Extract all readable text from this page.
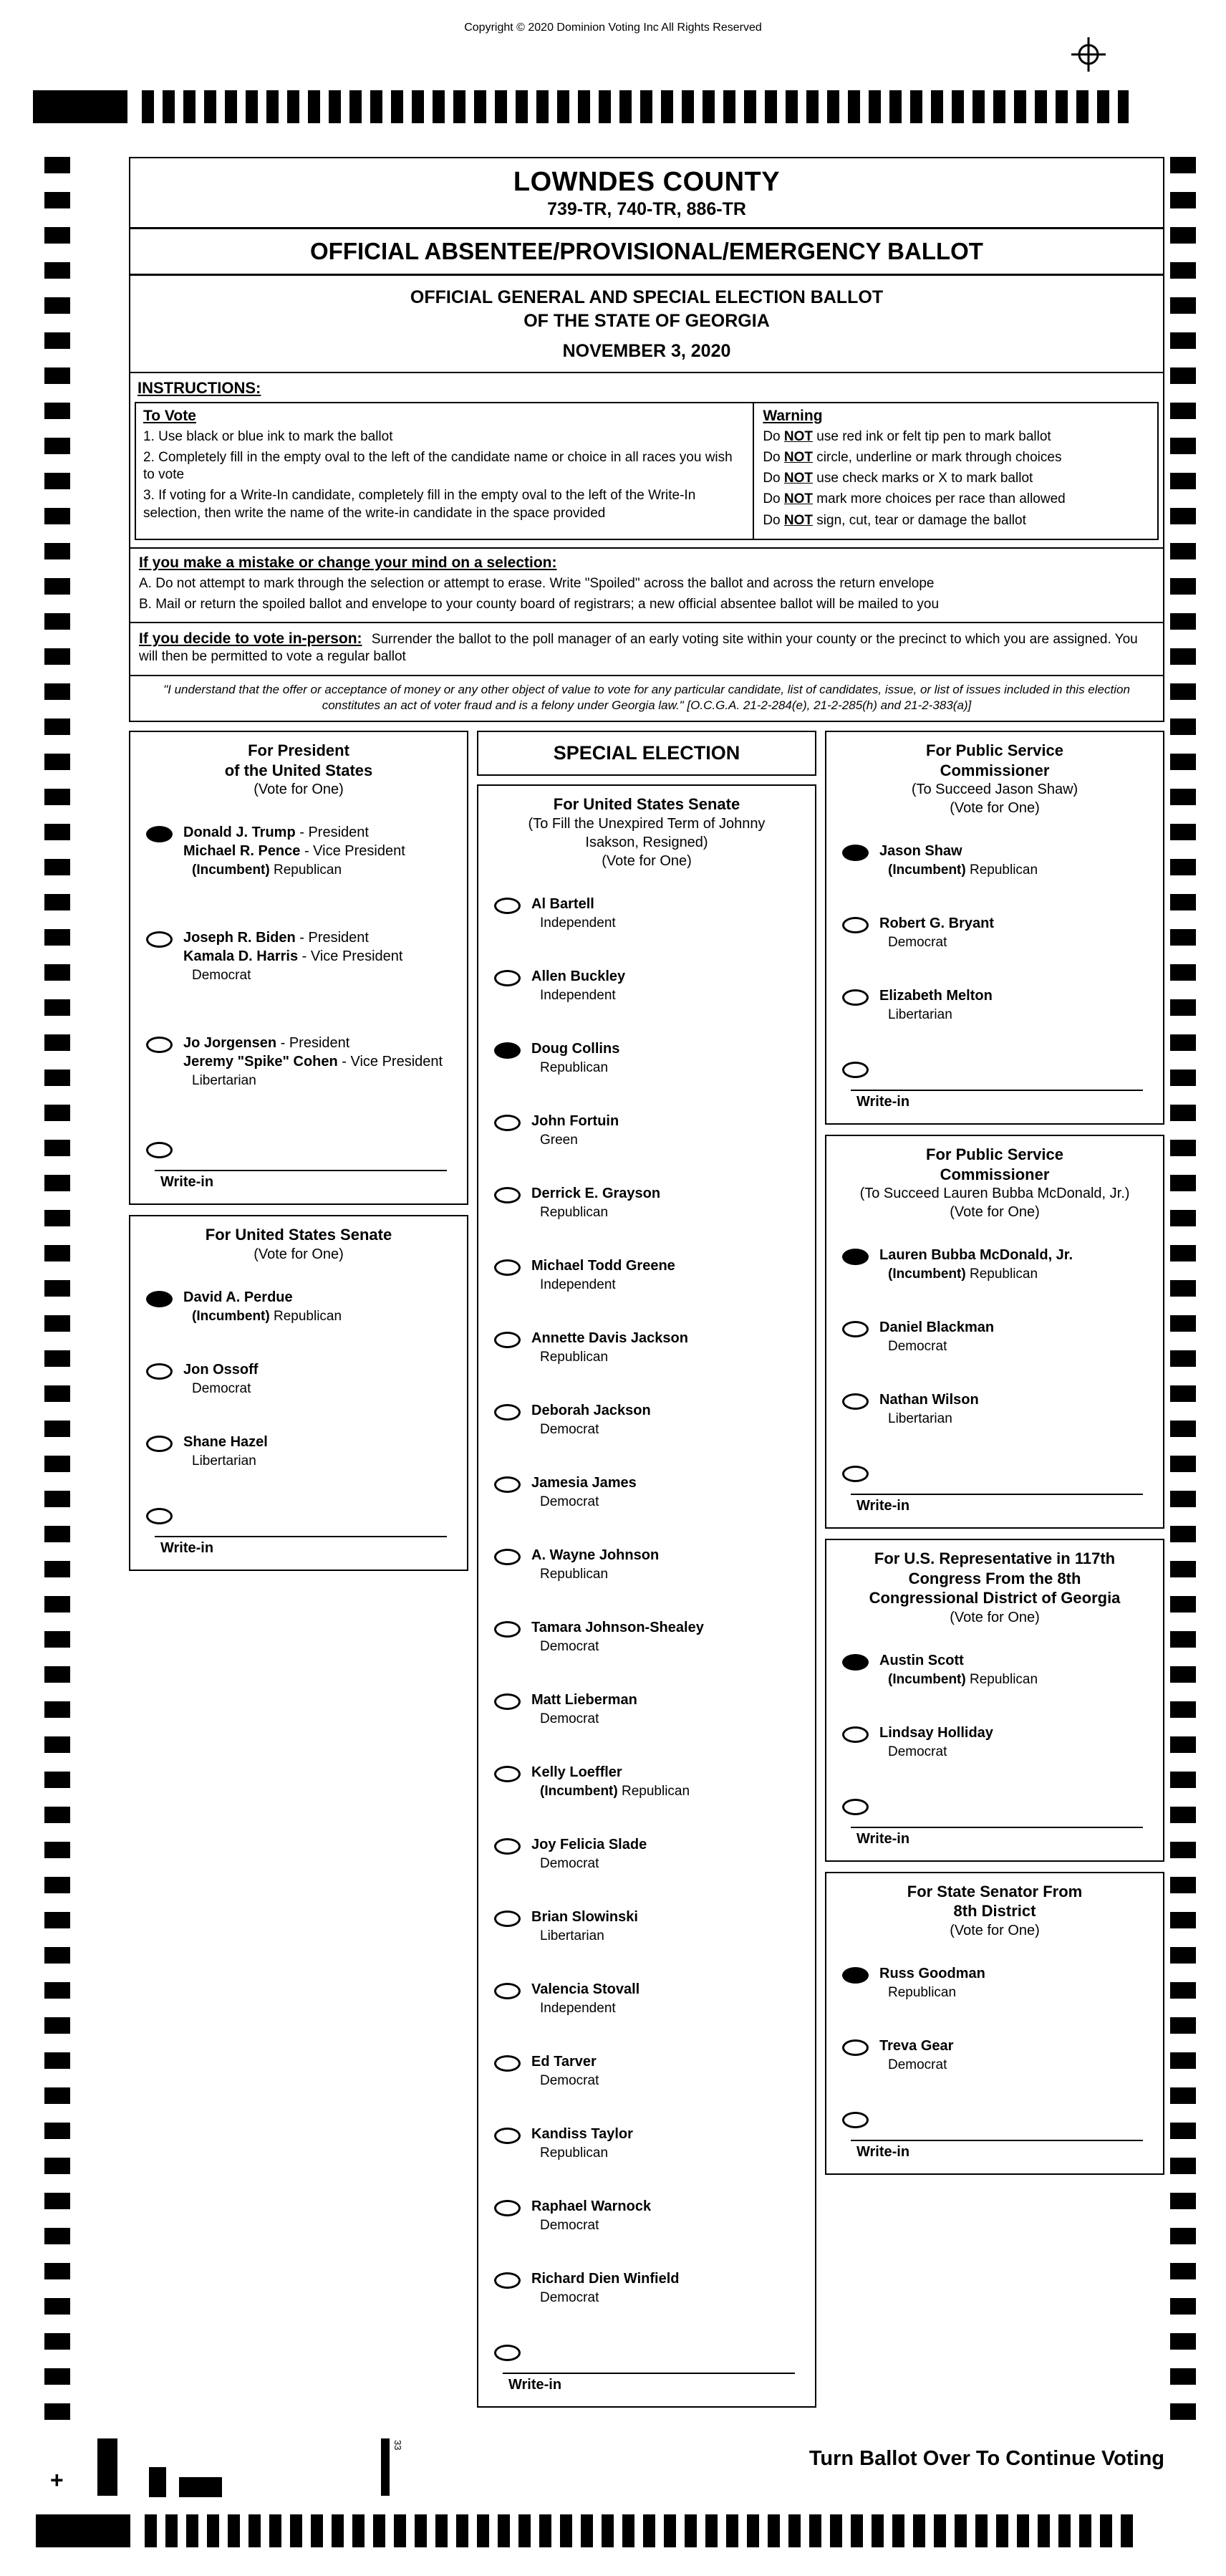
Copyright © 2020 Dominion Voting Inc All Rights Reserved
LOWNDES COUNTY
739-TR, 740-TR, 886-TR
OFFICIAL ABSENTEE/PROVISIONAL/EMERGENCY BALLOT
OFFICIAL GENERAL AND SPECIAL ELECTION BALLOT
OF THE STATE OF GEORGIA
NOVEMBER 3, 2020
INSTRUCTIONS:
To Vote
1. Use black or blue ink to mark the ballot
2. Completely fill in the empty oval to the left of the candidate name or choice in all races you wish to vote
3. If voting for a Write-In candidate, completely fill in the empty oval to the left of the Write-In selection, then write the name of the write-in candidate in the space provided
Warning
Do NOT use red ink or felt tip pen to mark ballot
Do NOT circle, underline or mark through choices
Do NOT use check marks or X to mark ballot
Do NOT mark more choices per race than allowed
Do NOT sign, cut, tear or damage the ballot
If you make a mistake or change your mind on a selection:
A. Do not attempt to mark through the selection or attempt to erase. Write "Spoiled" across the ballot and across the return envelope
B. Mail or return the spoiled ballot and envelope to your county board of registrars; a new official absentee ballot will be mailed to you
If you decide to vote in-person: Surrender the ballot to the poll manager of an early voting site within your county or the precinct to which you are assigned. You will then be permitted to vote a regular ballot
"I understand that the offer or acceptance of money or any other object of value to vote for any particular candidate, list of candidates, issue, or list of issues included in this election constitutes an act of voter fraud and is a felony under Georgia law." [O.C.G.A. 21-2-284(e), 21-2-285(h) and 21-2-383(a)]
For President
of the United States
(Vote for One)
Donald J. Trump - President
Michael R. Pence - Vice President
(Incumbent) Republican
Joseph R. Biden - President
Kamala D. Harris - Vice President
Democrat
Jo Jorgensen - President
Jeremy "Spike" Cohen - Vice President
Libertarian
Write-in
For United States Senate
(Vote for One)
David A. Perdue
(Incumbent) Republican
Jon Ossoff
Democrat
Shane Hazel
Libertarian
Write-in
SPECIAL ELECTION
For United States Senate
(To Fill the Unexpired Term of Johnny
Isakson, Resigned)
(Vote for One)
Al Bartell
Independent
Allen Buckley
Independent
Doug Collins
Republican
John Fortuin
Green
Derrick E. Grayson
Republican
Michael Todd Greene
Independent
Annette Davis Jackson
Republican
Deborah Jackson
Democrat
Jamesia James
Democrat
A. Wayne Johnson
Republican
Tamara Johnson-Shealey
Democrat
Matt Lieberman
Democrat
Kelly Loeffler
(Incumbent) Republican
Joy Felicia Slade
Democrat
Brian Slowinski
Libertarian
Valencia Stovall
Independent
Ed Tarver
Democrat
Kandiss Taylor
Republican
Raphael Warnock
Democrat
Richard Dien Winfield
Democrat
Write-in
For Public Service
Commissioner
(To Succeed Jason Shaw)
(Vote for One)
Jason Shaw
(Incumbent) Republican
Robert G. Bryant
Democrat
Elizabeth Melton
Libertarian
Write-in
For Public Service
Commissioner
(To Succeed Lauren Bubba McDonald, Jr.)
(Vote for One)
Lauren Bubba McDonald, Jr.
(Incumbent) Republican
Daniel Blackman
Democrat
Nathan Wilson
Libertarian
Write-in
For U.S. Representative in 117th
Congress From the 8th
Congressional District of Georgia
(Vote for One)
Austin Scott
(Incumbent) Republican
Lindsay Holliday
Democrat
Write-in
For State Senator From
8th District
(Vote for One)
Russ Goodman
Republican
Treva Gear
Democrat
Write-in
Turn Ballot Over To Continue Voting
+
33
